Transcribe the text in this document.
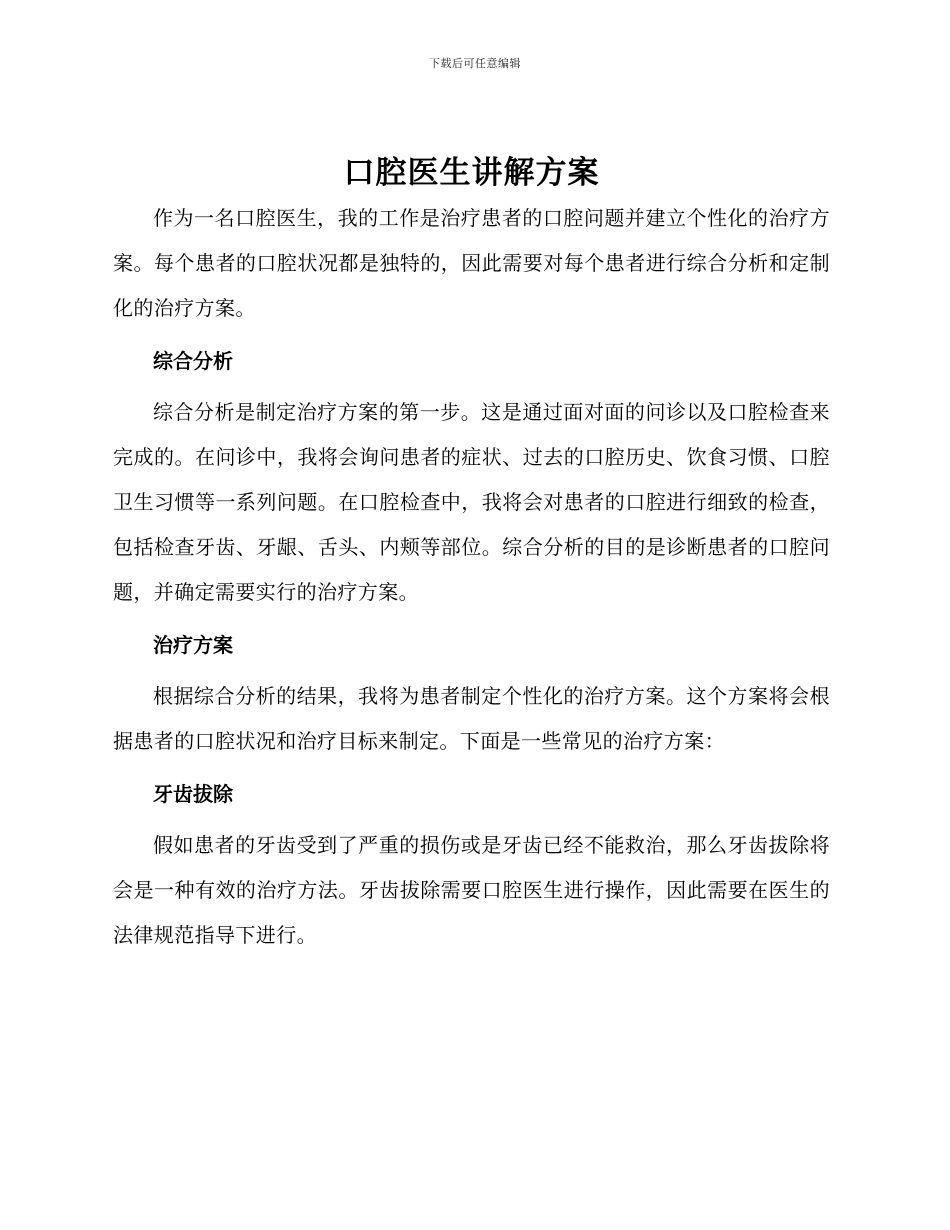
下载后可任意编辑
口腔医生讲解方案

作为一名口腔医生，我的工作是治疗患者的口腔问题并建立个性化的治疗方案。每个患者的口腔状况都是独特的，因此需要对每个患者进行综合分析和定制化的治疗方案。

综合分析

综合分析是制定治疗方案的第一步。这是通过面对面的问诊以及口腔检查来完成的。在问诊中，我将会询问患者的症状、过去的口腔历史、饮食习惯、口腔卫生习惯等一系列问题。在口腔检查中，我将会对患者的口腔进行细致的检查，包括检查牙齿、牙龈、舌头、内颊等部位。综合分析的目的是诊断患者的口腔问题，并确定需要实行的治疗方案。

治疗方案

根据综合分析的结果，我将为患者制定个性化的治疗方案。这个方案将会根据患者的口腔状况和治疗目标来制定。下面是一些常见的治疗方案：

牙齿拔除

假如患者的牙齿受到了严重的损伤或是牙齿已经不能救治，那么牙齿拔除将会是一种有效的治疗方法。牙齿拔除需要口腔医生进行操作，因此需要在医生的法律规范指导下进行。
